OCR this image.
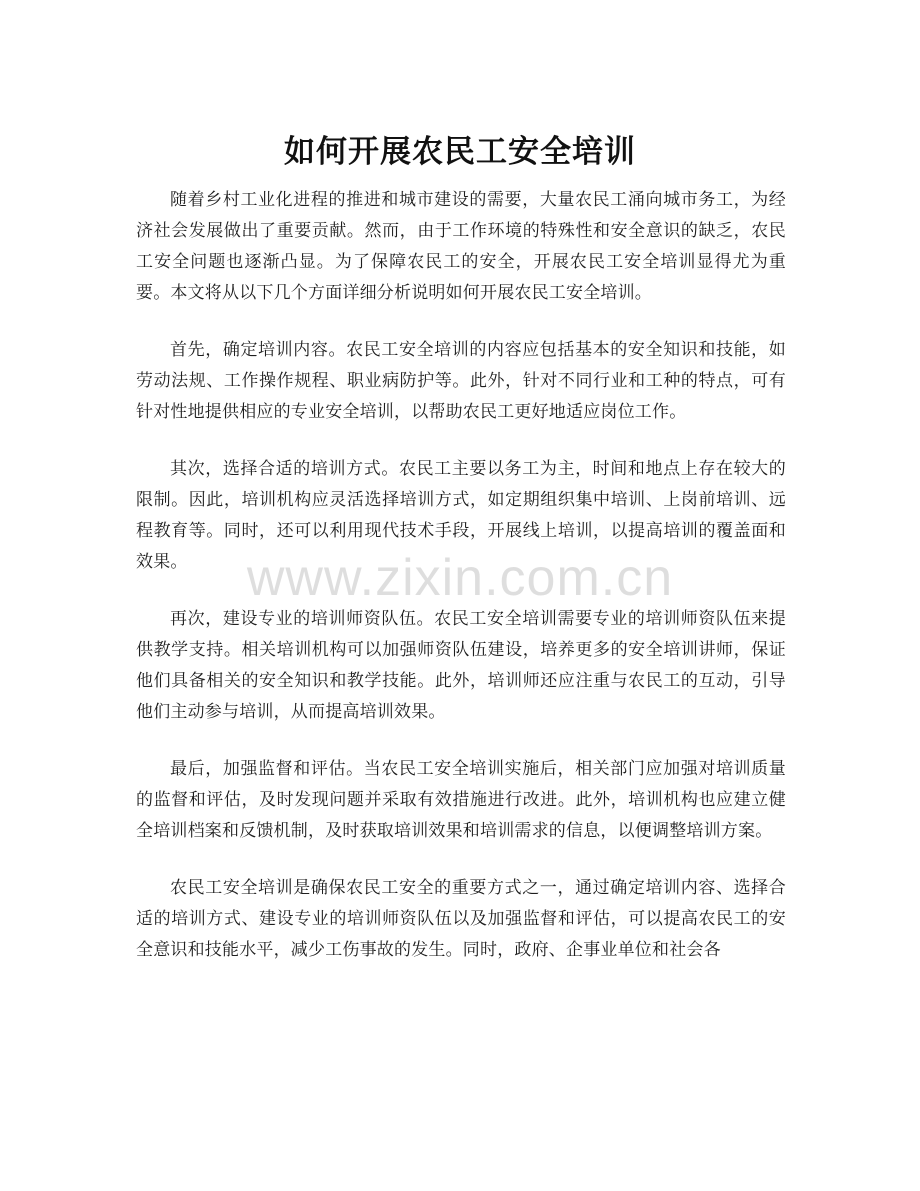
如何开展农民工安全培训

随着乡村工业化进程的推进和城市建设的需要，大量农民工涌向城市务工，为经济社会发展做出了重要贡献。然而，由于工作环境的特殊性和安全意识的缺乏，农民工安全问题也逐渐凸显。为了保障农民工的安全，开展农民工安全培训显得尤为重要。本文将从以下几个方面详细分析说明如何开展农民工安全培训。

首先，确定培训内容。农民工安全培训的内容应包括基本的安全知识和技能，如劳动法规、工作操作规程、职业病防护等。此外，针对不同行业和工种的特点，可有针对性地提供相应的专业安全培训，以帮助农民工更好地适应岗位工作。

其次，选择合适的培训方式。农民工主要以务工为主，时间和地点上存在较大的限制。因此，培训机构应灵活选择培训方式，如定期组织集中培训、上岗前培训、远程教育等。同时，还可以利用现代技术手段，开展线上培训，以提高培训的覆盖面和效果。

再次，建设专业的培训师资队伍。农民工安全培训需要专业的培训师资队伍来提供教学支持。相关培训机构可以加强师资队伍建设，培养更多的安全培训讲师，保证他们具备相关的安全知识和教学技能。此外，培训师还应注重与农民工的互动，引导他们主动参与培训，从而提高培训效果。

最后，加强监督和评估。当农民工安全培训实施后，相关部门应加强对培训质量的监督和评估，及时发现问题并采取有效措施进行改进。此外，培训机构也应建立健全培训档案和反馈机制，及时获取培训效果和培训需求的信息，以便调整培训方案。

农民工安全培训是确保农民工安全的重要方式之一，通过确定培训内容、选择合适的培训方式、建设专业的培训师资队伍以及加强监督和评估，可以提高农民工的安全意识和技能水平，减少工伤事故的发生。同时，政府、企事业单位和社会各

www.zixin.com.cn
